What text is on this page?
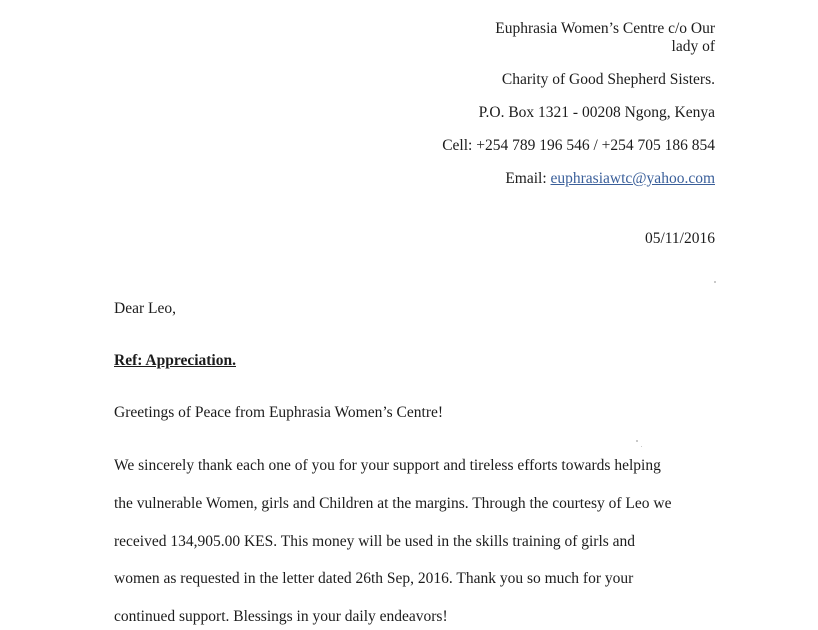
Euphrasia Women’s Centre c/o Our
lady of
Charity of Good Shepherd Sisters.
P.O. Box 1321 - 00208 Ngong, Kenya
Cell: +254 789 196 546 / +254 705 186 854
Email: euphrasiawtc@yahoo.com
05/11/2016
Dear Leo,
Ref: Appreciation.
Greetings of Peace from Euphrasia Women’s Centre!
We sincerely thank each one of you for your support and tireless efforts towards helping
the vulnerable Women, girls and Children at the margins. Through the courtesy of Leo we
received 134,905.00 KES. This money will be used in the skills training of girls and
women as requested in the letter dated 26th Sep, 2016. Thank you so much for your
continued support. Blessings in your daily endeavors!
